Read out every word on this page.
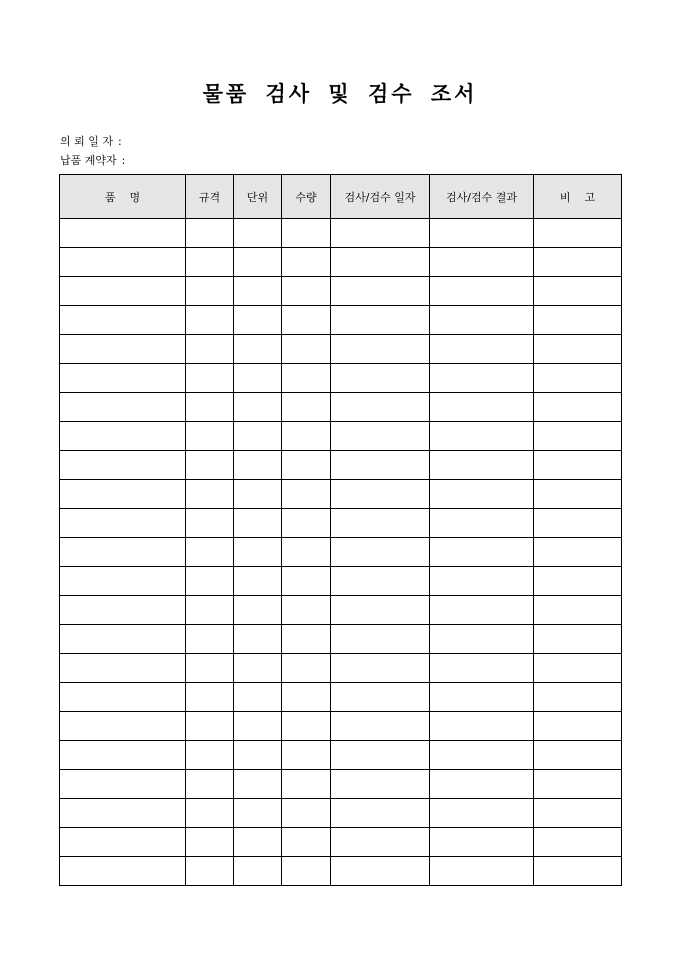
물품 검사 및 검수 조서
의 뢰 일 자 :
납품 계약자 :
품    명	규격	단위	수량	검사/검수 일자	검사/검수 결과	비    고
